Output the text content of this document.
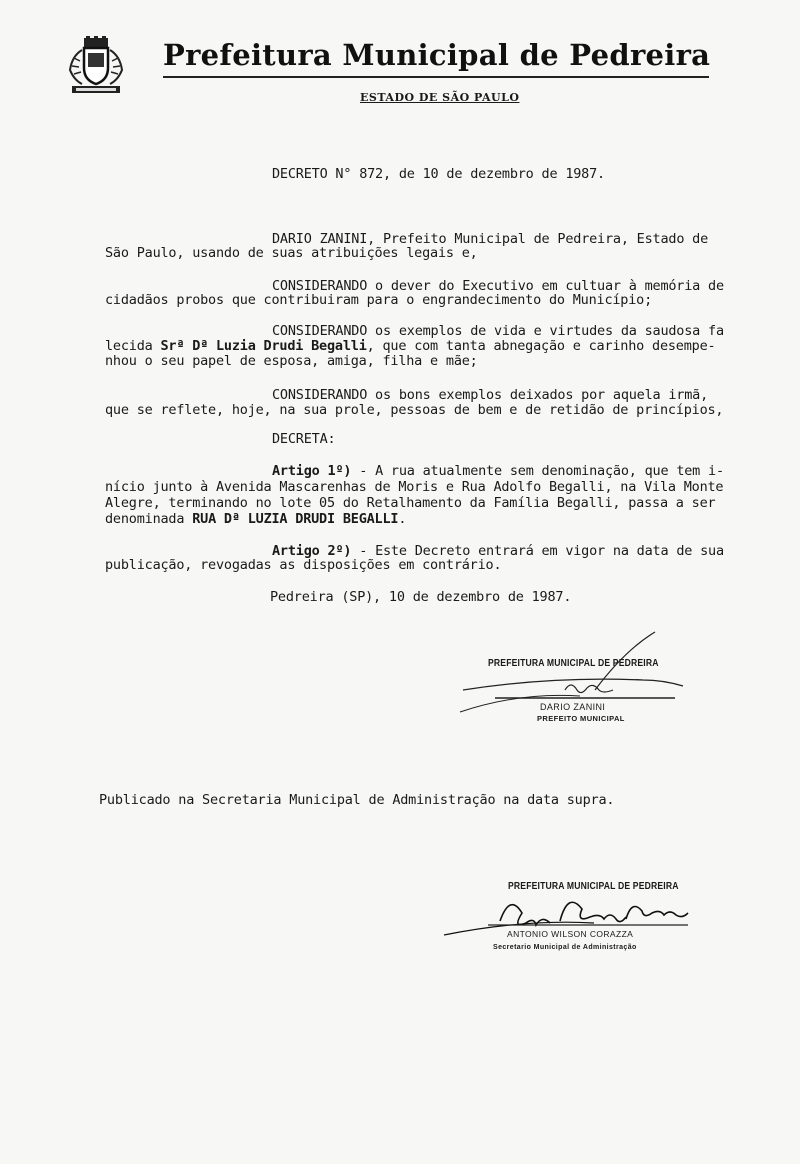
Prefeitura Municipal de Pedreira
ESTADO DE SÃO PAULO
DECRETO N° 872, de 10 de dezembro de 1987.
DARIO ZANINI, Prefeito Municipal de Pedreira, Estado de
São Paulo, usando de suas atribuições legais e,
CONSIDERANDO o dever do Executivo em cultuar à memória de
cidadãos probos que contribuiram para o engrandecimento do Município;
CONSIDERANDO os exemplos de vida e virtudes da saudosa fa
lecida Srª Dª Luzia Drudi Begalli, que com tanta abnegação e carinho desempe-
nhou o seu papel de esposa, amiga, filha e mãe;
CONSIDERANDO os bons exemplos deixados por aquela irmã,
que se reflete, hoje, na sua prole, pessoas de bem e de retidão de princípios,
DECRETA:
Artigo 1º) - A rua atualmente sem denominação, que tem i-
nício junto à Avenida Mascarenhas de Moris e Rua Adolfo Begalli, na Vila Monte
Alegre, terminando no lote 05 do Retalhamento da Família Begalli, passa a ser
denominada RUA Dª LUZIA DRUDI BEGALLI.
Artigo 2º) - Este Decreto entrará em vigor na data de sua
publicação, revogadas as disposições em contrário.
Pedreira (SP), 10 de dezembro de 1987.
PREFEITURA MUNICIPAL DE PEDREIRA
DARIO ZANINI
PREFEITO MUNICIPAL
Publicado na Secretaria Municipal de Administração na data supra.
PREFEITURA MUNICIPAL DE PEDREIRA
ANTONIO WILSON CORAZZA
Secretario Municipal de Administração
